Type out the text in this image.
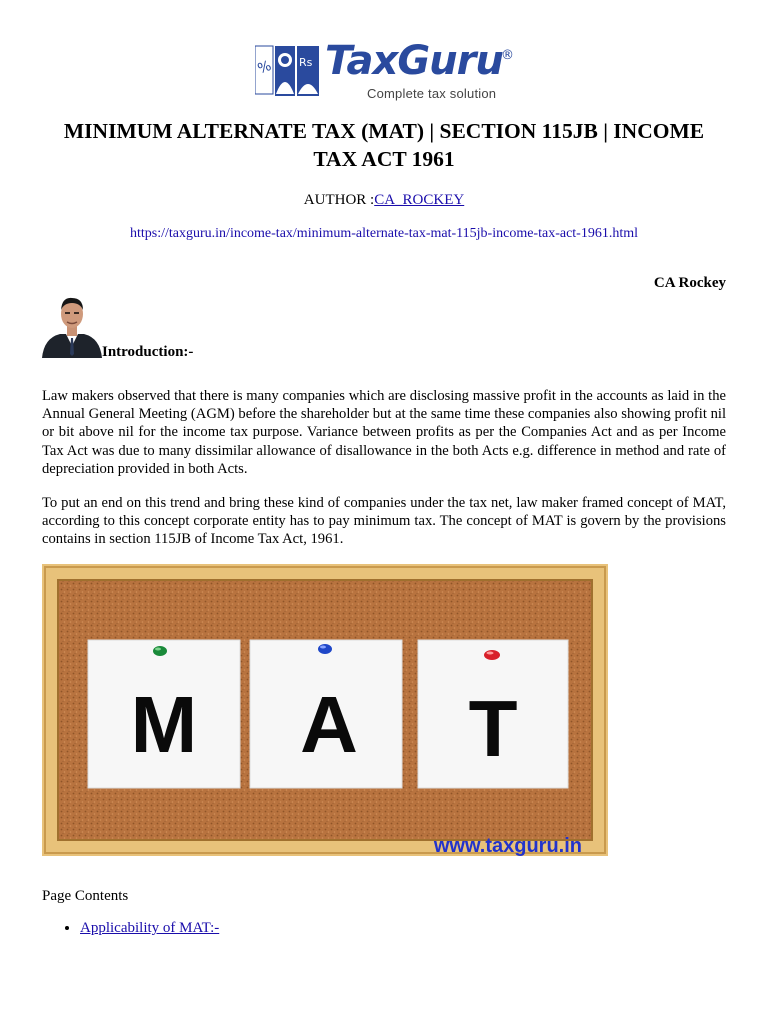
% Rs TaxGuru
®
Complete tax solution
MINIMUM ALTERNATE TAX (MAT) | SECTION 115JB | INCOME TAX ACT 1961
AUTHOR :CA_ROCKEY
https://taxguru.in/income-tax/minimum-alternate-tax-mat-115jb-income-tax-act-1961.html
CA Rockey
Introduction:-

Law makers observed that there is many companies which are disclosing massive profit in the accounts as laid in the Annual General Meeting (AGM) before the shareholder but at the same time these companies also showing profit nil or bit above nil for the income tax purpose. Variance between profits as per the Companies Act and as per Income Tax Act was due to many dissimilar allowance of disallowance in the both Acts e.g. difference in method and rate of depreciation provided in both Acts.

To put an end on this trend and bring these kind of companies under the tax net, law maker framed concept of MAT, according to this concept corporate entity has to pay minimum tax. The concept of MAT is govern by the provisions contains in section 115JB of Income Tax Act, 1961.

M A T
www.taxguru.in
Page Contents
• Applicability of MAT:-
